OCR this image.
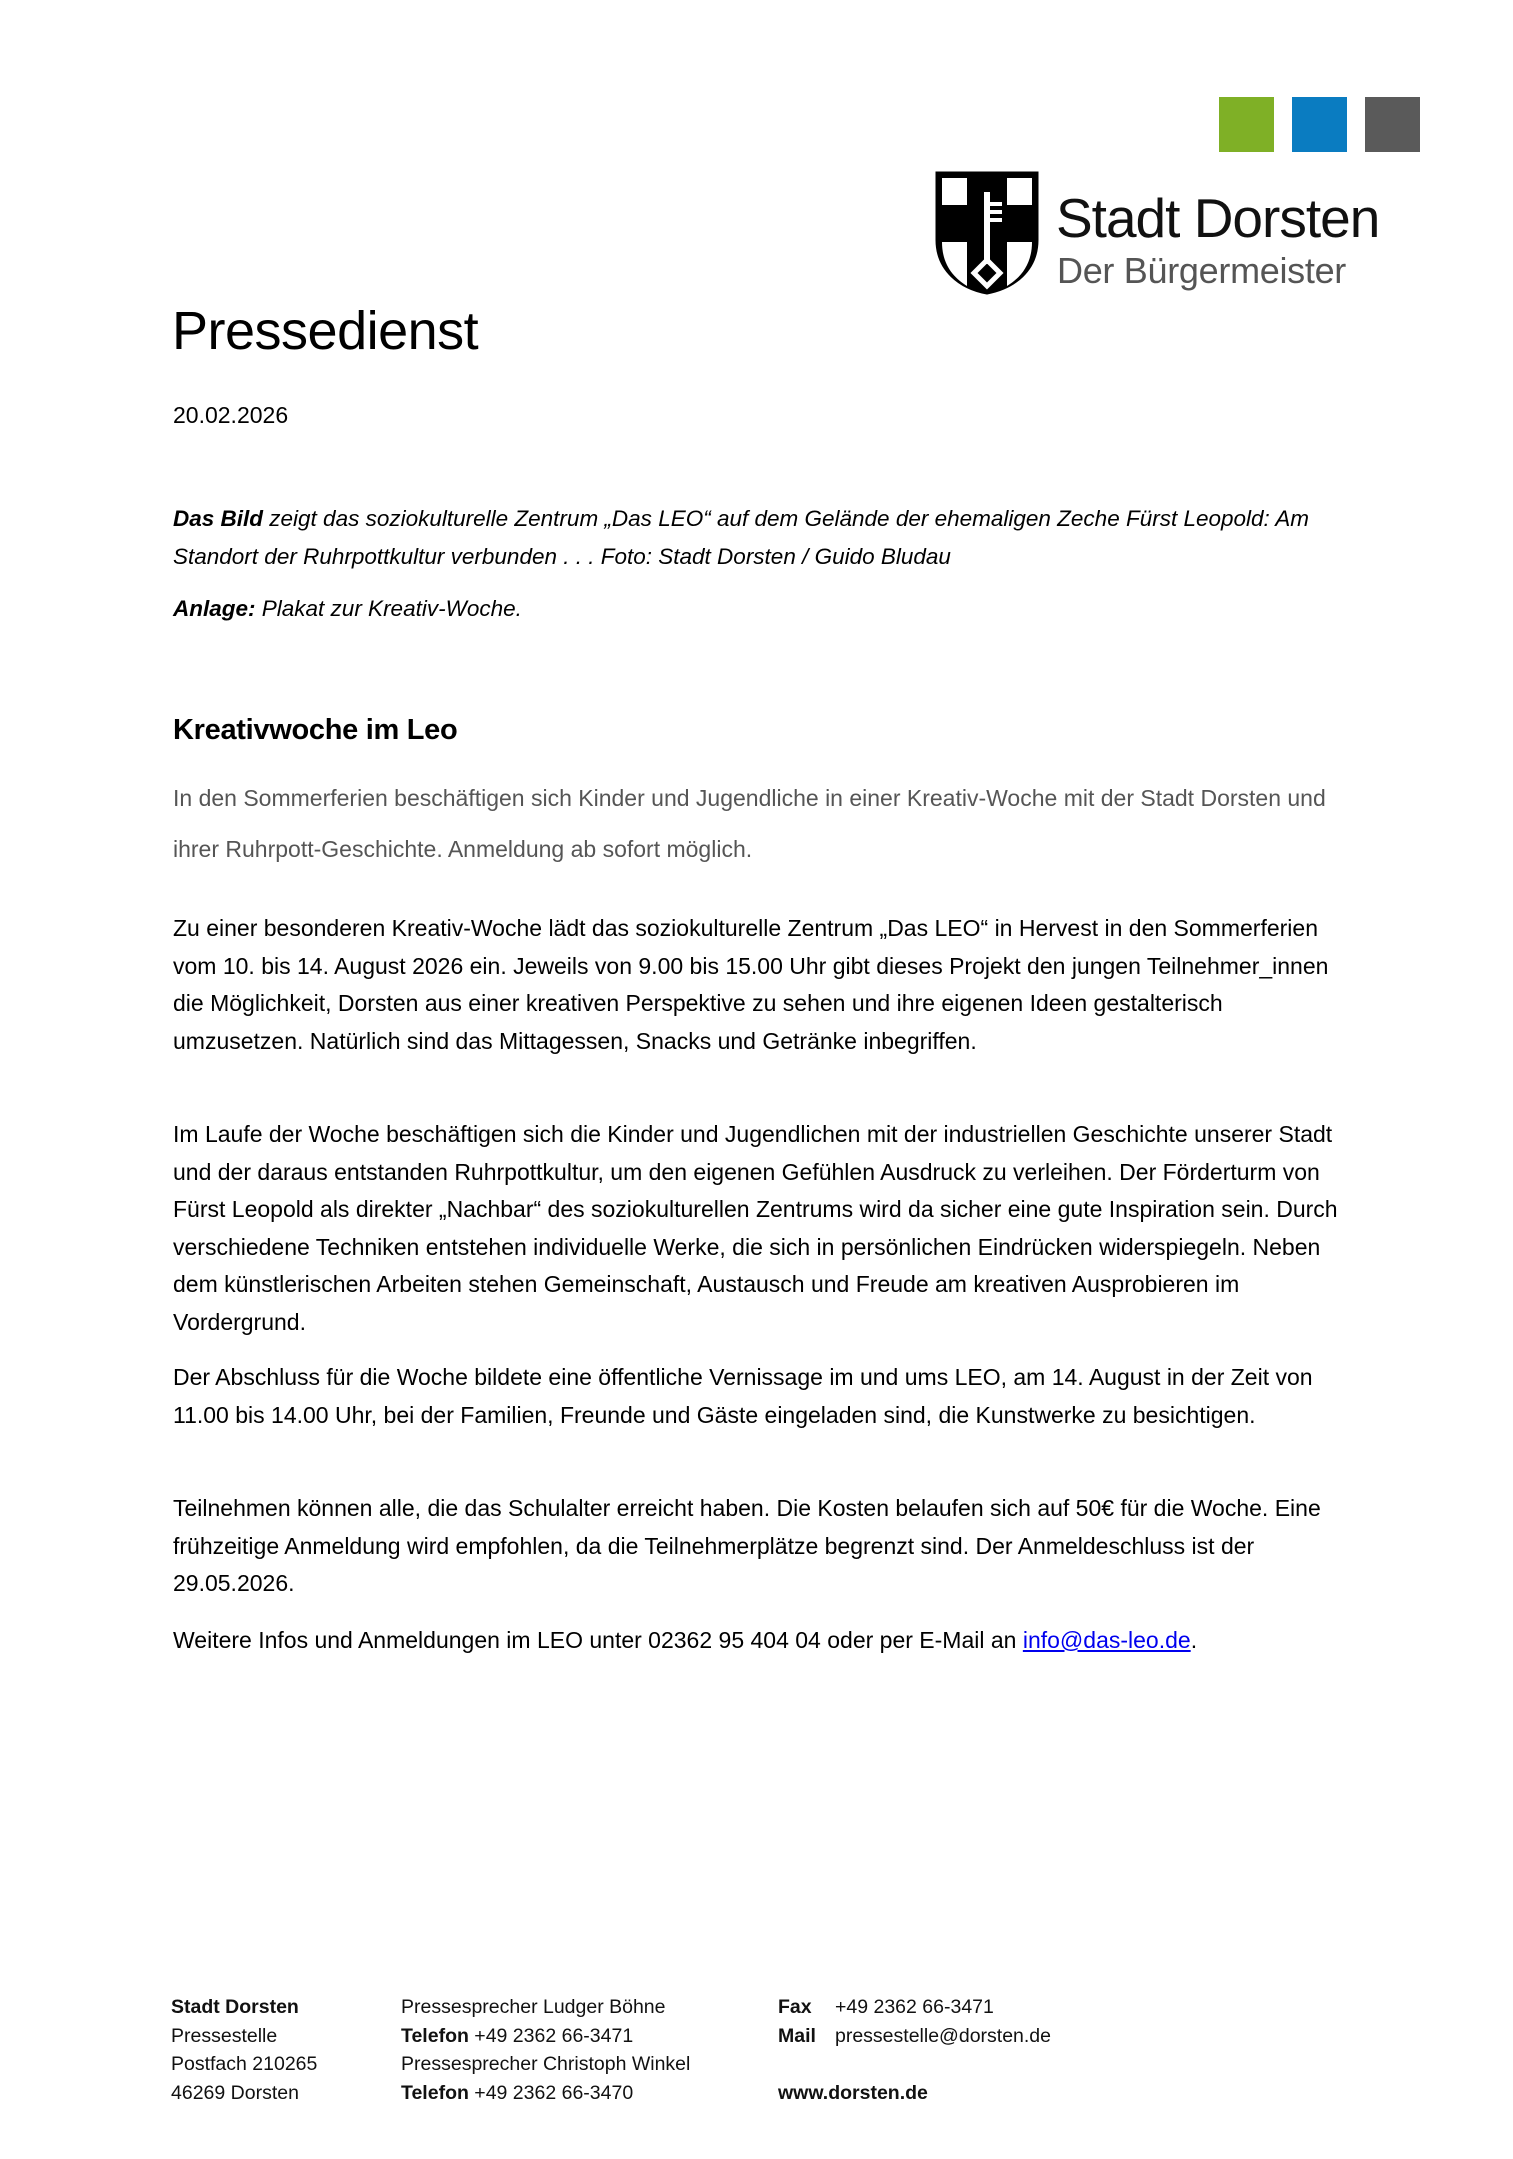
Stadt Dorsten
Der Bürgermeister
Pressedienst
20.02.2026
Das Bild zeigt das soziokulturelle Zentrum „Das LEO“ auf dem Gelände der ehemaligen Zeche Fürst Leopold: Am Standort der Ruhrpottkultur verbunden . . . Foto: Stadt Dorsten / Guido Bludau
Anlage: Plakat zur Kreativ-Woche.
Kreativwoche im Leo
In den Sommerferien beschäftigen sich Kinder und Jugendliche in einer Kreativ-Woche mit der Stadt Dorsten und ihrer Ruhrpott-Geschichte. Anmeldung ab sofort möglich.
Zu einer besonderen Kreativ-Woche lädt das soziokulturelle Zentrum „Das LEO“ in Hervest in den Sommerferien vom 10. bis 14. August 2026 ein. Jeweils von 9.00 bis 15.00 Uhr gibt dieses Projekt den jungen Teilnehmer_innen die Möglichkeit, Dorsten aus einer kreativen Perspektive zu sehen und ihre eigenen Ideen gestalterisch umzusetzen. Natürlich sind das Mittagessen, Snacks und Getränke inbegriffen.
Im Laufe der Woche beschäftigen sich die Kinder und Jugendlichen mit der industriellen Geschichte unserer Stadt und der daraus entstanden Ruhrpottkultur, um den eigenen Gefühlen Ausdruck zu verleihen. Der Förderturm von Fürst Leopold als direkter „Nachbar“ des soziokulturellen Zentrums wird da sicher eine gute Inspiration sein. Durch verschiedene Techniken entstehen individuelle Werke, die sich in persönlichen Eindrücken widerspiegeln. Neben dem künstlerischen Arbeiten stehen Gemeinschaft, Austausch und Freude am kreativen Ausprobieren im Vordergrund.
Der Abschluss für die Woche bildete eine öffentliche Vernissage im und ums LEO, am 14. August in der Zeit von 11.00 bis 14.00 Uhr, bei der Familien, Freunde und Gäste eingeladen sind, die Kunstwerke zu besichtigen.
Teilnehmen können alle, die das Schulalter erreicht haben. Die Kosten belaufen sich auf 50€ für die Woche. Eine frühzeitige Anmeldung wird empfohlen, da die Teilnehmerplätze begrenzt sind. Der Anmeldeschluss ist der 29.05.2026.
Weitere Infos und Anmeldungen im LEO unter 02362 95 404 04 oder per E-Mail an info@das-leo.de.
Stadt Dorsten
Pressestelle
Postfach 210265
46269 Dorsten
Pressesprecher Ludger Böhne
Telefon +49 2362 66-3471
Pressesprecher Christoph Winkel
Telefon +49 2362 66-3470
Fax +49 2362 66-3471
Mail pressestelle@dorsten.de

www.dorsten.de
